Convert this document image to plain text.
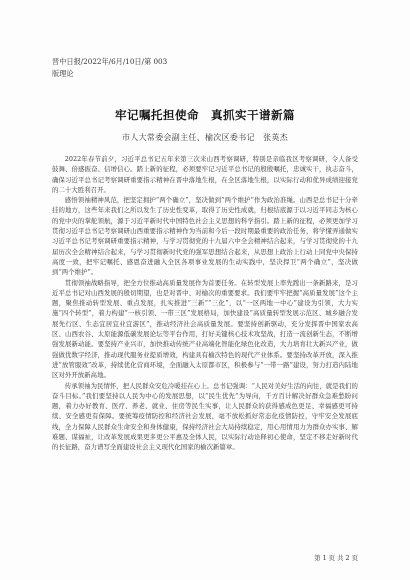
晋中日报/2022年/6月/10日/第 003
版理论
牢记嘱托担使命　真抓实干谱新篇
市人大常委会副主任、榆次区委书记　张英杰

2022年春节前夕，习近平总书记五年来第三次来山西考察调研，特别是亲临我区考察调研，令人备受鼓舞、倍感振奋、信增信心。踏上新的征程，必须要牢记习近平总书记的殷殷嘱托，忠诚实干，执志奋斗，确保习近平总书记考察调研重要指示精神在晋中落地生根，在全区落地生根，以实际行动和优异成绩迎接党的二十大胜利召开。

感悟领袖精神风范，把坚定拥护“两个确立”，坚决做到“两个维护”作为政治准绳。山西是总书记十分牵挂的地方，这些年来我们之所以发生了历史性变革，取得了历史性成就，归根结底源于以习近平同志为核心的党中央的掌舵领航，源于习近平新时代中国特色社会主义思想的科学指引。踏上新的征程，必须更加学习贯彻习近平总书记考察调研山西重要指示精神作为当前和今后一段时期最重要的政治任务，将学懂弄通做实习近平总书记考察调研重要指示精神，与学习贯彻党的十九届六中全会精神结合起来，与学习贯彻党的十九届历次全会精神结合起来，与学习贯彻新时代党的强军思想结合起来，从思想上政治上行动上同党中央保持高度一致，把牢记嘱托、感恩奋进融入全区各项事业发展的生动实践中，坚决捍卫“两个确立”，坚决做到“两个维护”。

贯彻领袖战略指导，把全方位推动高质量发展作为首要任务。在转型发展上率先蹚出一条新路来，是习近平总书记对山西发展的殷切期望，也是对晋中、对榆次的重要要求。我们要牢牢把握“高质量发展”这个主题，聚焦推动转型发展、重点发展，扎实推进“三新”“三化”，以“一区两地一中心”建设为引领，大力实施“四个转型”，着力构建“一核引领、一带三区”发展格局，加快建设“高质量转型发展示范区、城乡融合发展先行区、生态宜居宜业宜游区”，推动经济社会高质量发展。要坚持创新驱动，充分发挥晋中国家农高区、山西农谷、太原能源低碳发展论坛等平台作用，打好关键核心技术攻坚战，打造一流创新生态，不断增强发展新动能。要坚持产业兴市，加快推动传统产业高端化智能化绿色化改造，大力培育壮大新兴产业，做强做优数字经济，推动现代服务业提质增效，构建具有榆次特色的现代产业体系。要坚持改革开放，深入推进“放管服效”改革，持续优化营商环境，全面融入太原都市区，积极参与“一带一路”建设，努力打造内陆地区对外开放新高地。

传承领袖为民情怀，把人民群众安危冷暖挂在心上。总书记强调：“人民对美好生活的向往，就是我们的奋斗目标。”我们要坚持以人民为中心的发展思想，以“民生优先”为导向，千方百计解决好群众急难愁盼问题，着力办好教育、医疗、养老、就业、住房等民生实事，让人民群众的获得感成色更足、幸福感更可持续、安全感更有保障。要统筹疫情防控和经济社会发展，毫不放松抓好常态化疫情防控，守牢安全发展底线，全力保障人民群众生命安全和身体健康，保持经济社会大局持续稳定，用心用情用力为群众办实事、解难题、谋福祉，让改革发展成果更多更公平惠及全体人民，以实际行动诠释初心使命，坚定不移走好新时代的长征路，奋力谱写全面建设社会主义现代化国家的榆次新篇章。

第 1 页 共 2 页
